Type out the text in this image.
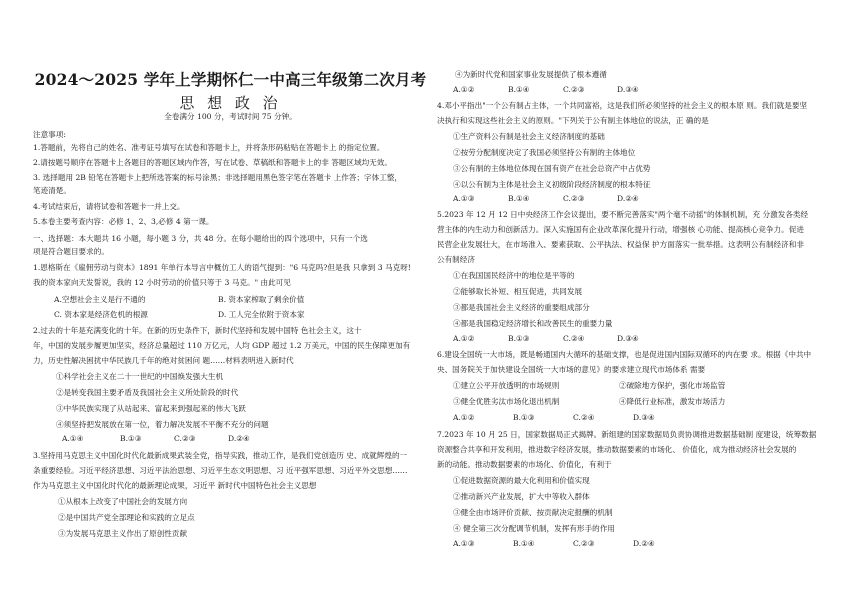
2024～2025 学年上学期怀仁一中高三年级第二次月考
思 想 政 治
全卷满分 100 分，考试时间 75 分钟。
注意事项:
1.答题前，先将自己的姓名、准考证号填写在试卷和答题卡上，并将条形码粘贴在答题卡上 的指定位置。
2.请按题号顺序在答题卡上各题目的答题区域内作答，写在试卷、草稿纸和答题卡上的非 答题区域均无效。
3. 选择题用 2B 铅笔在答题卡上把所选答案的标号涂黑；非选择题用黑色签字笔在答题卡 上作答；字体工整，
笔迹清楚。
4.考试结束后，请将试卷和答题卡一并上交。
5.本卷主要考查内容：必修 1、2、3,必修 4 第一课。
一、选择题：本大题共 16 小题，每小题 3 分，共 48 分。在每小题给出的四个选项中，只有一个选
项是符合题目要求的。
1.恩格斯在《雇佣劳动与资本》1891 年单行本导言中概仿工人的语气提到："6 马克吗?但是我 只拿到 3 马克呀!
我的资本家向天发誓说，我的 12 小时劳动的价值只等于 3 马克。" 由此可见
A.空想社会主义是行不通的	B. 资本家榨取了剩余价值
C. 资本家是经济危机的根源	D. 工人完全依附于资本家
2.过去的十年是充满变化的十年。在新的历史条件下，新时代坚持和发展中国特 色社会主义，这十
年，中国的发展步履更加坚实，经济总量超过 110 万亿元，人均 GDP 超过 1.2 万美元，中国的民生保障更加有
力，历史性解决困扰中华民族几千年的绝对贫困问 题……材料表明进入新时代
①科学社会主义在二十一世纪的中国焕发强大生机
②是转变我国主要矛盾及我国社会主义所处阶段的时代
③中华民族实现了从站起来、富起来到强起来的伟大飞跃
④须坚持把发展放在第一位，着力解决发展不平衡不充分的问题
A.①④	B.①③	C.②③	D.②④
3.坚持用马克思主义中国化时代化最新成果武装全党，指导实践，推动工作，是我们党创造历 史、成就辉煌的一
条重要经验。习近平经济思想、习近平法治思想、习近平生态文明思想、习 近平强军思想、习近平外交思想……
作为马克思主义中国化时代化的最新理论成果，习近平 新时代中国特色社会主义思想
①从根本上改变了中国社会的发展方向
②是中国共产党全部理论和实践的立足点
③为发展马克思主义作出了原创性贡献
④为新时代党和国家事业发展提供了根本遵循
A.①②	B.①④	C.②③	D.③④
4.邓小平指出"一个公有制占主体，一个共同富裕，这是我们所必须坚持的社会主义的根本原 则。我们就是要坚
决执行和实现这些社会主义的原则。"下列关于公有制主体地位的说法，正 确的是
①生产资料公有制是社会主义经济制度的基础
②按劳分配制度决定了我国必须坚持公有制的主体地位
③公有制的主体地位体现在国有资产在社会总资产中占优势
④以公有制为主体是社会主义初级阶段经济制度的根本特征
A.①③	B.①④	C.②③	D.②④
5.2023 年 12 月 12 日中央经济工作会议提出，要不断完善落实"两个毫不动摇"的体制机制，充 分激发各类经
营主体的内生动力和创新活力。深入实施国有企业改革深化提升行动，增强核 心功能、提高核心竞争力。促进
民营企业发展壮大，在市场准入、要素获取、公平执法、权益保 护方面落实一批举措。这表明公有制经济和非
公有制经济
①在我国国民经济中的地位是平等的
②能够取长补短、相互促进，共同发展
③都是我国社会主义经济的重要组成部分
④都是我国稳定经济增长和改善民生的重要力量
A.①②	B.①③	C.②④	D.③④
6.建设全国统一大市场，既是畅通国内大循环的基础支撑，也是促进国内国际双循环的内在要 求。根据《中共中
央、国务院关于加快建设全国统一大市场的意见》的要求建立现代市场体系 需要
①建立公平开放透明的市场规则	②破除地方保护，强化市场监管
③健全优胜劣汰市场化退出机制	④降低行业标准，激发市场活力
A.①②	B.①③	C.②④	D.③④
7.2023 年 10 月 25 日，国家数据局正式揭牌。新组建的国家数据局负责协调推进数据基础制 度建设，统筹数据
资源整合共享和开发利用，推进数字经济发展，推动数据要素的市场化、 价值化，成为推动经济社会发展的
新的动能。推动数据要素的市场化、价值化，有利于
①促进数据资源的最大化利用和价值实现
②推动新兴产业发展，扩大中等收入群体
③健全由市场评价贡献、按贡献决定报酬的机制
④ 健全第三次分配调节机制，发挥有形手的作用
A.①③	B.①④	C.②③	D.②④
